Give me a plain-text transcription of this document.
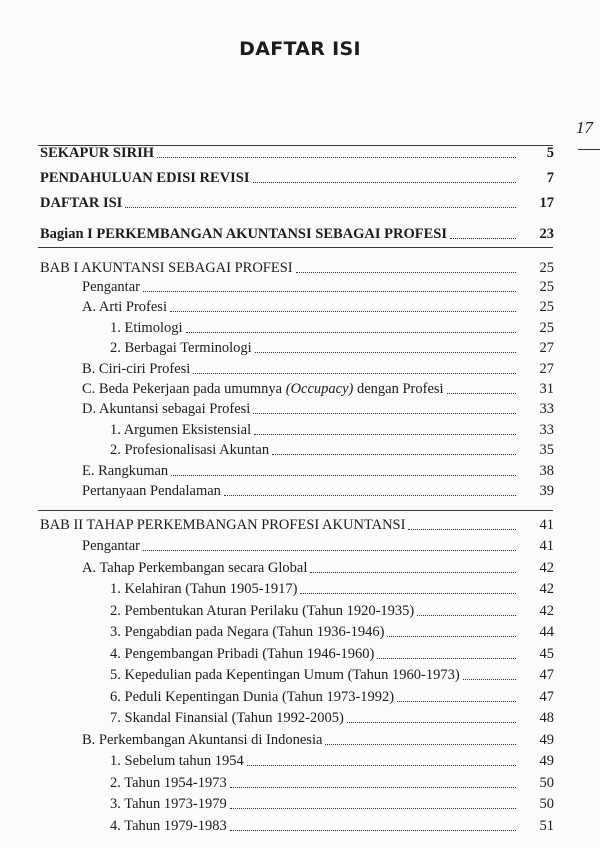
DAFTAR ISI
17
SEKAPUR SIRIH	5
PENDAHULUAN EDISI REVISI	7
DAFTAR ISI	17
Bagian I PERKEMBANGAN AKUNTANSI SEBAGAI PROFESI	23
BAB I AKUNTANSI SEBAGAI PROFESI	25
Pengantar	25
A. Arti Profesi	25
1. Etimologi	25
2. Berbagai Terminologi	27
B. Ciri-ciri Profesi	27
C. Beda Pekerjaan pada umumnya (Occupacy) dengan Profesi	31
D. Akuntansi sebagai Profesi	33
1. Argumen Eksistensial	33
2. Profesionalisasi Akuntan	35
E. Rangkuman	38
Pertanyaan Pendalaman	39
BAB II TAHAP PERKEMBANGAN PROFESI AKUNTANSI	41
Pengantar	41
A. Tahap Perkembangan secara Global	42
1. Kelahiran (Tahun 1905-1917)	42
2. Pembentukan Aturan Perilaku (Tahun 1920-1935)	42
3. Pengabdian pada Negara (Tahun 1936-1946)	44
4. Pengembangan Pribadi (Tahun 1946-1960)	45
5. Kepedulian pada Kepentingan Umum (Tahun 1960-1973)	47
6. Peduli Kepentingan Dunia (Tahun 1973-1992)	47
7. Skandal Finansial (Tahun 1992-2005)	48
B. Perkembangan Akuntansi di Indonesia	49
1. Sebelum tahun 1954	49
2. Tahun 1954-1973	50
3. Tahun 1973-1979	50
4. Tahun 1979-1983	51
